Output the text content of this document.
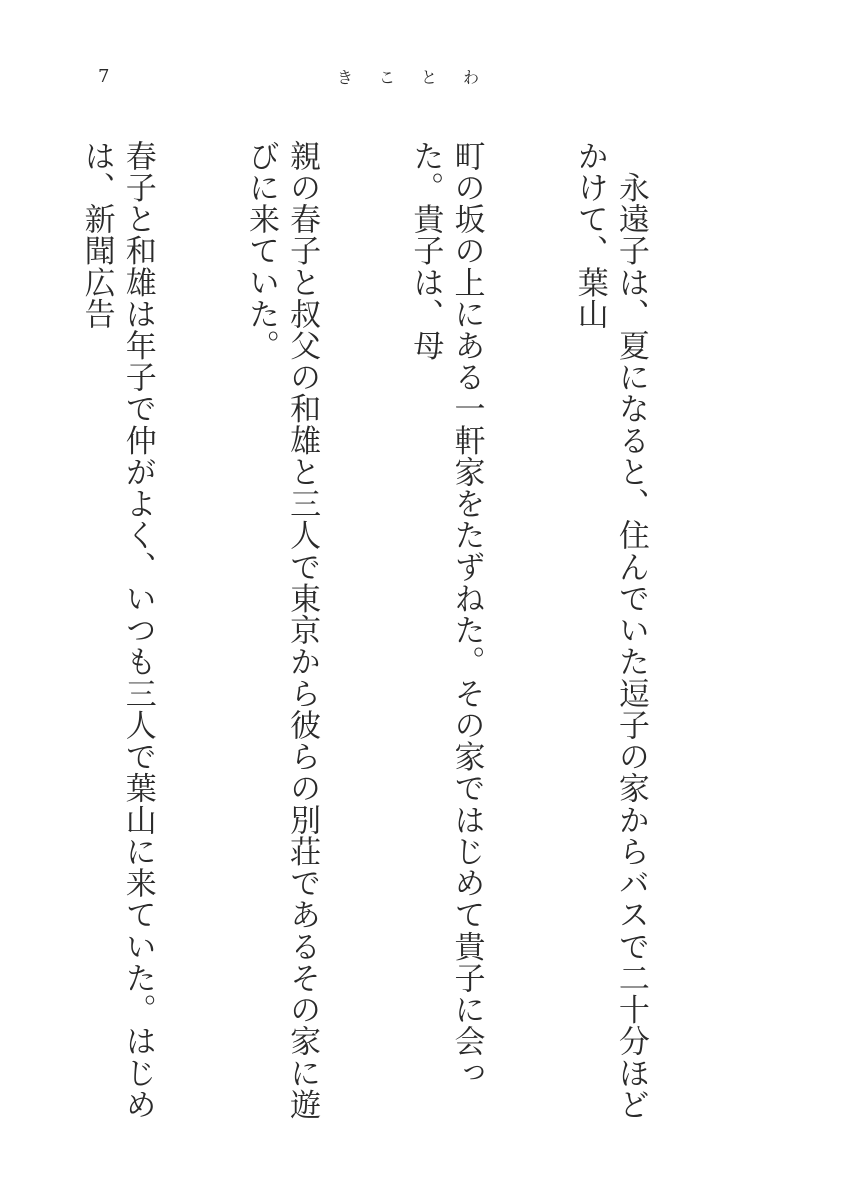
7	きことわ

　永遠子は、夏になると、住んでいた逗子の家からバスで二十分ほどかけて、葉山

町の坂の上にある一軒家をたずねた。その家ではじめて貴子に会った。貴子は、母

親の春子と叔父の和雄と三人で東京から彼らの別荘であるその家に遊びに来ていた。

春子と和雄は年子で仲がよく、いつも三人で葉山に来ていた。はじめは、新聞広告
